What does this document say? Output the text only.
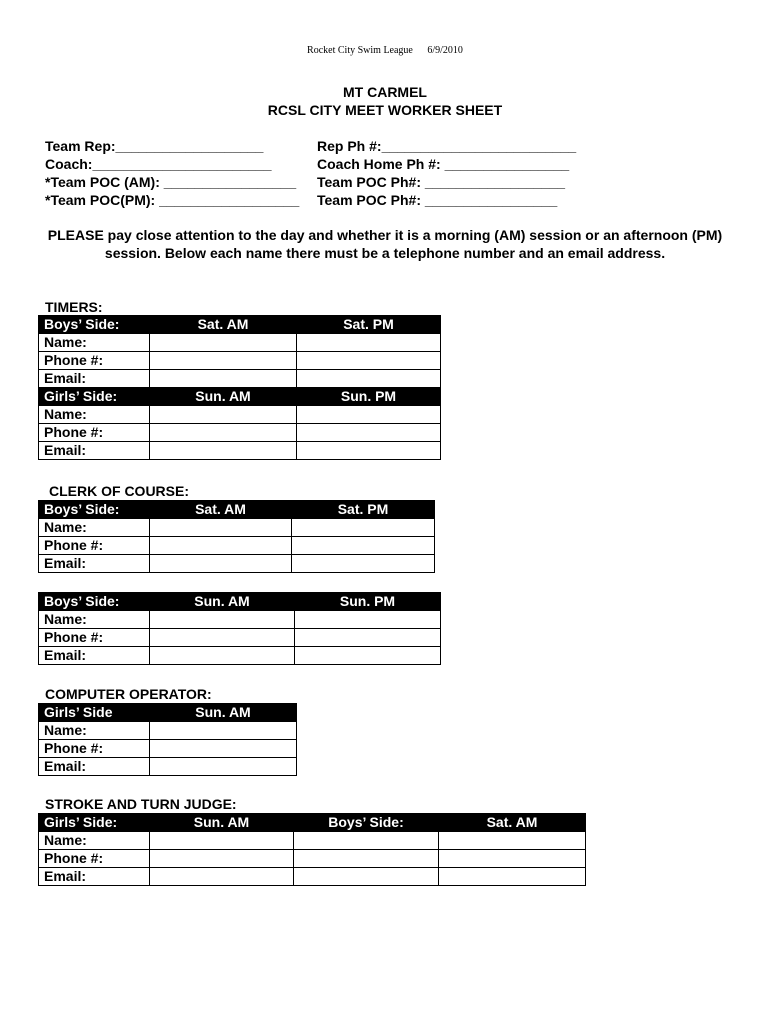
Rocket City Swim League 6/9/2010
MT CARMEL
RCSL CITY MEET WORKER SHEET
Team Rep:___________________	Rep Ph #:_________________________
Coach:_______________________	Coach Home Ph #: ________________
*Team POC (AM): _________________ Team POC Ph#: __________________
*Team POC(PM): __________________ Team POC Ph#: _________________
PLEASE pay close attention to the day and whether it is a morning (AM) session or an afternoon (PM) session. Below each name there must be a telephone number and an email address.
TIMERS:
Boys’ Side:	Sat. AM	Sat. PM
Name:		
Phone #:		
Email:		
Girls’ Side:	Sun. AM	Sun. PM
Name:		
Phone #:		
Email:		
CLERK OF COURSE:
Boys’ Side:	Sat. AM	Sat. PM
Name:		
Phone #:		
Email:		
Boys’ Side:	Sun. AM	Sun. PM
Name:		
Phone #:		
Email:		
COMPUTER OPERATOR:
Girls’ Side	Sun. AM
Name:	
Phone #:	
Email:	
STROKE AND TURN JUDGE:
Girls’ Side:	Sun. AM	Boys’ Side:	Sat. AM
Name:			
Phone #:			
Email:			
